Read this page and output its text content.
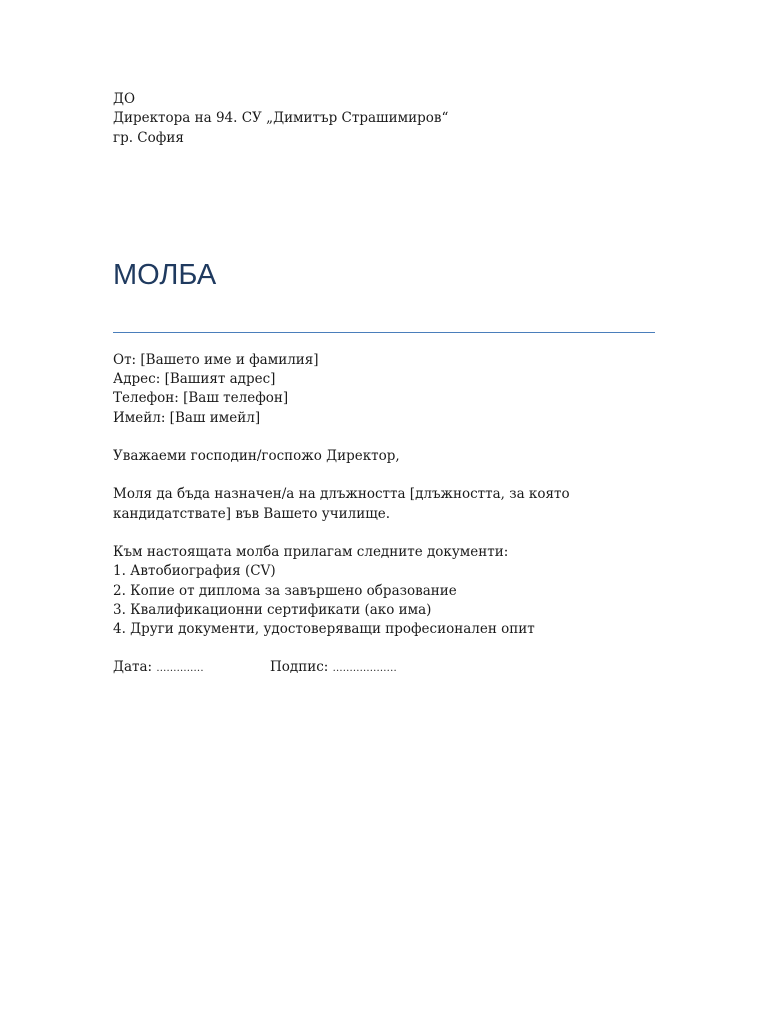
ДО
Директора на 94. СУ „Димитър Страшимиров“
гр. София
МОЛБА
От: [Вашето име и фамилия]
Адрес: [Вашият адрес]
Телефон: [Ваш телефон]
Имейл: [Ваш имейл]
Уважаеми господин/госпожо Директор,
Моля да бъда назначен/а на длъжността [длъжността, за която кандидатствате] във Вашето училище.
Към настоящата молба прилагам следните документи:
1. Автобиография (CV)
2. Копие от диплома за завършено образование
3. Квалификационни сертификати (ако има)
4. Други документи, удостоверяващи професионален опит
Дата: ..............	Подпис: ...................
